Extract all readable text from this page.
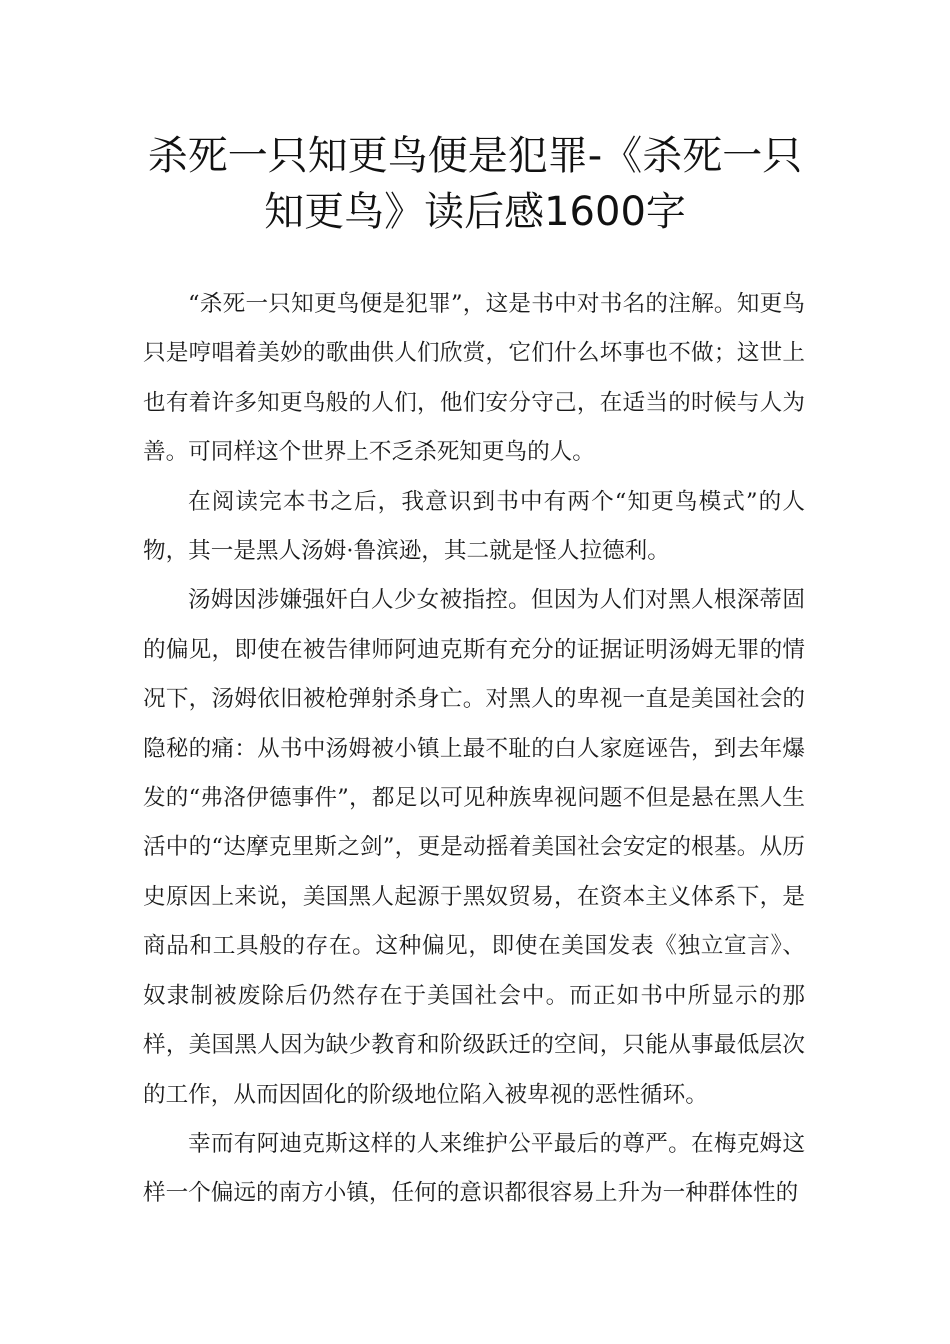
杀死一只知更鸟便是犯罪-《杀死一只
知更鸟》读后感1600字

“杀死一只知更鸟便是犯罪”，这是书中对书名的注解。知更鸟只是哼唱着美妙的歌曲供人们欣赏，它们什么坏事也不做；这世上也有着许多知更鸟般的人们，他们安分守己，在适当的时候与人为善。可同样这个世界上不乏杀死知更鸟的人。

在阅读完本书之后，我意识到书中有两个“知更鸟模式”的人物，其一是黑人汤姆·鲁滨逊，其二就是怪人拉德利。

汤姆因涉嫌强奸白人少女被指控。但因为人们对黑人根深蒂固的偏见，即使在被告律师阿迪克斯有充分的证据证明汤姆无罪的情况下，汤姆依旧被枪弹射杀身亡。对黑人的卑视一直是美国社会的隐秘的痛：从书中汤姆被小镇上最不耻的白人家庭诬告，到去年爆发的“弗洛伊德事件”，都足以可见种族卑视问题不但是悬在黑人生活中的“达摩克里斯之剑”，更是动摇着美国社会安定的根基。从历史原因上来说，美国黑人起源于黑奴贸易，在资本主义体系下，是商品和工具般的存在。这种偏见，即使在美国发表《独立宣言》、奴隶制被废除后仍然存在于美国社会中。而正如书中所显示的那样，美国黑人因为缺少教育和阶级跃迁的空间，只能从事最低层次的工作，从而因固化的阶级地位陷入被卑视的恶性循环。

幸而有阿迪克斯这样的人来维护公平最后的尊严。在梅克姆这样一个偏远的南方小镇，任何的意识都很容易上升为一种群体性的
